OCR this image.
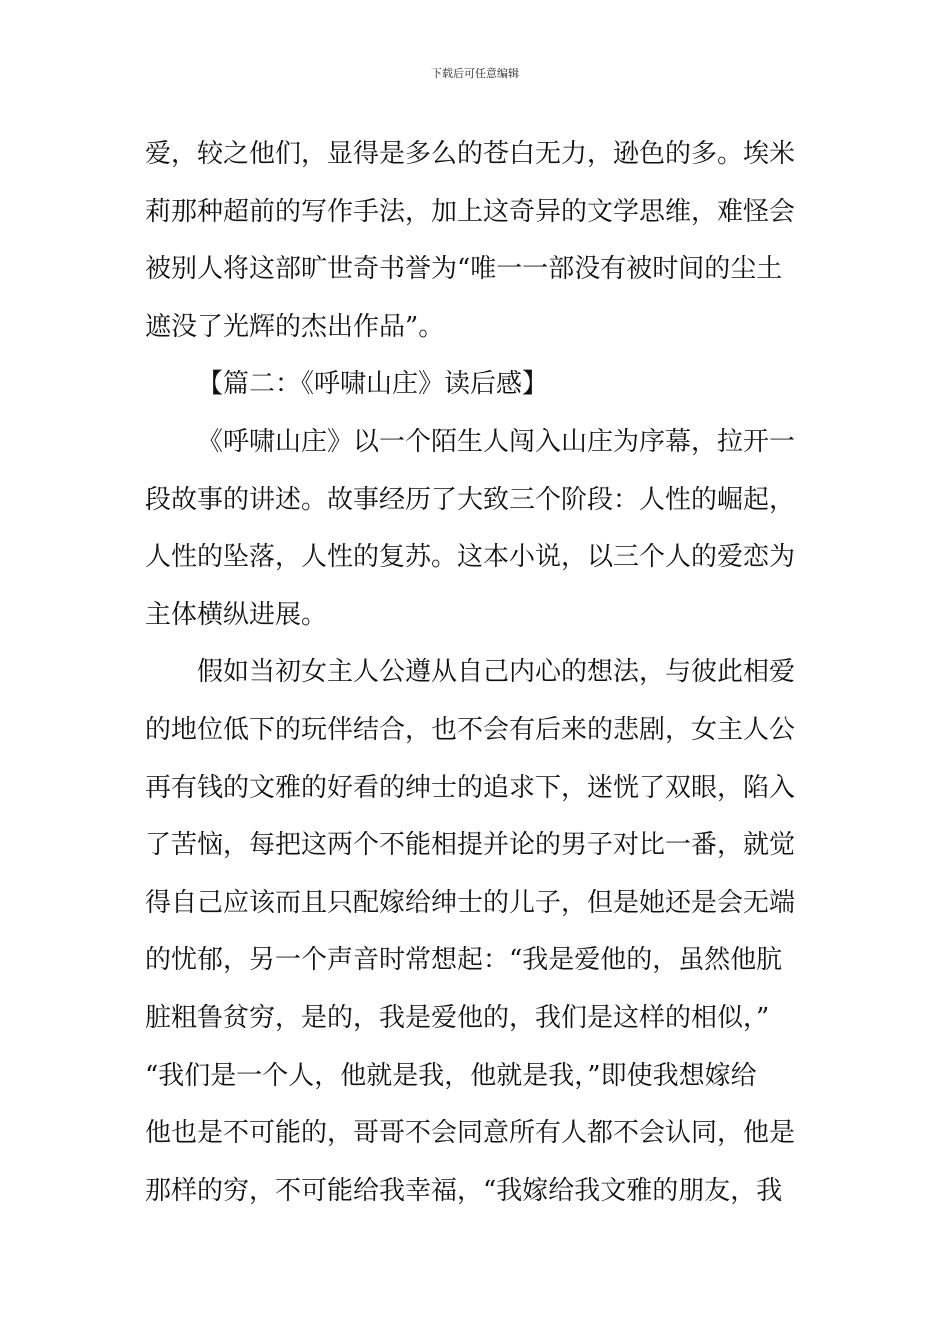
下载后可任意编辑
爱，较之他们，显得是多么的苍白无力，逊色的多。埃米
莉那种超前的写作手法，加上这奇异的文学思维，难怪会
被别人将这部旷世奇书誉为“唯一一部没有被时间的尘土
遮没了光辉的杰出作品”。
【篇二：《呼啸山庄》读后感】
《呼啸山庄》以一个陌生人闯入山庄为序幕，拉开一
段故事的讲述。故事经历了大致三个阶段：人性的崛起，
人性的坠落，人性的复苏。这本小说，以三个人的爱恋为
主体横纵进展。
假如当初女主人公遵从自己内心的想法，与彼此相爱
的地位低下的玩伴结合，也不会有后来的悲剧，女主人公
再有钱的文雅的好看的绅士的追求下，迷恍了双眼，陷入
了苦恼，每把这两个不能相提并论的男子对比一番，就觉
得自己应该而且只配嫁给绅士的儿子，但是她还是会无端
的忧郁，另一个声音时常想起：“我是爱他的，虽然他肮
脏粗鲁贫穷，是的，我是爱他的，我们是这样的相似，”
“我们是一个人，他就是我，他就是我，”即使我想嫁给
他也是不可能的，哥哥不会同意所有人都不会认同，他是
那样的穷，不可能给我幸福，“我嫁给我文雅的朋友，我
